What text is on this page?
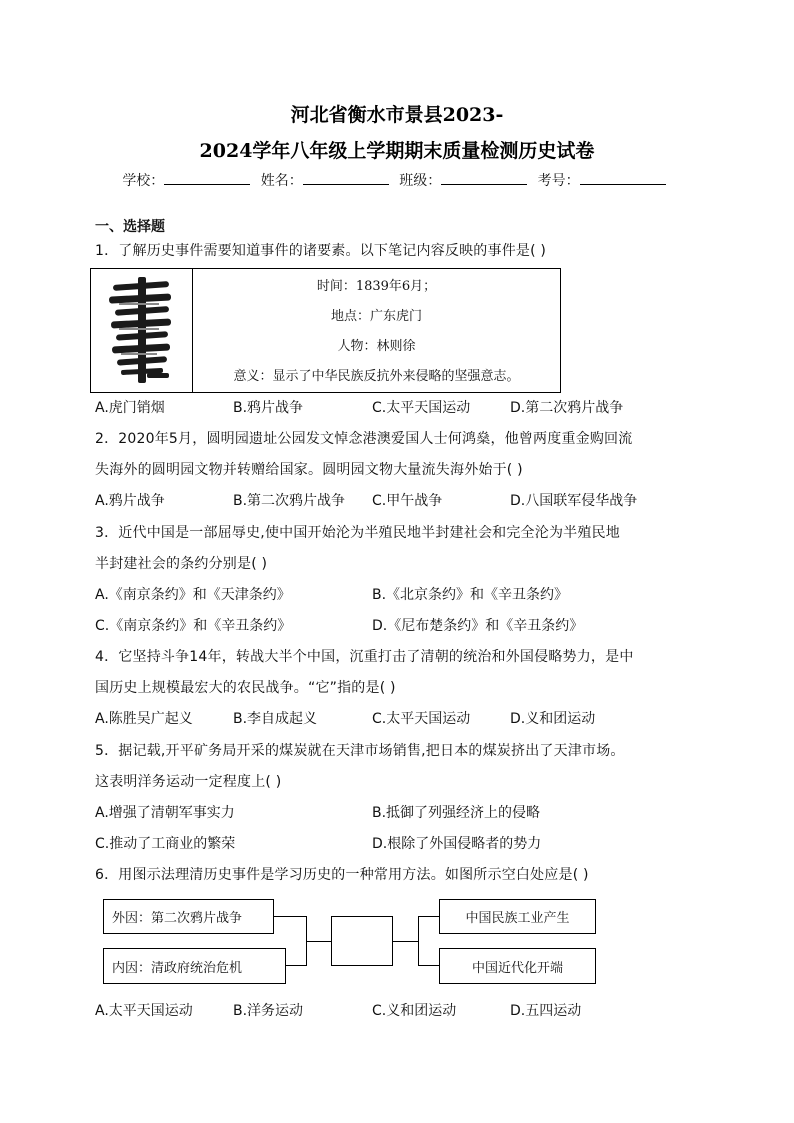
河北省衡水市景县2023-
2024学年八年级上学期期末质量检测历史试卷
学校：	姓名：	班级：	考号：
一、选择题
1．了解历史事件需要知道事件的诸要素。以下笔记内容反映的事件是( )
时间：1839年6月；
地点：广东虎门
人物：林则徐
意义：显示了中华民族反抗外来侵略的坚强意志。
A.虎门销烟	B.鸦片战争	C.太平天国运动	D.第二次鸦片战争
2．2020年5月，圆明园遗址公园发文悼念港澳爱国人士何鸿燊，他曾两度重金购回流
失海外的圆明园文物并转赠给国家。圆明园文物大量流失海外始于( )
A.鸦片战争	B.第二次鸦片战争 C.甲午战争	D.八国联军侵华战争
3．近代中国是一部屈辱史,使中国开始沦为半殖民地半封建社会和完全沦为半殖民地
半封建社会的条约分别是( )
A.《南京条约》和《天津条约》	B.《北京条约》和《辛丑条约》
C.《南京条约》和《辛丑条约》	D.《尼布楚条约》和《辛丑条约》
4．它坚持斗争14年，转战大半个中国，沉重打击了清朝的统治和外国侵略势力，是中
国历史上规模最宏大的农民战争。“它”指的是( )
A.陈胜吴广起义	B.李自成起义	C.太平天国运动	D.义和团运动
5．据记载,开平矿务局开采的煤炭就在天津市场销售,把日本的煤炭挤出了天津市场。
这表明洋务运动一定程度上( )
A.增强了清朝军事实力	B.抵御了列强经济上的侵略
C.推动了工商业的繁荣	D.根除了外国侵略者的势力
6．用图示法理清历史事件是学习历史的一种常用方法。如图所示空白处应是( )
外因：第二次鸦片战争
内因：清政府统治危机
中国民族工业产生
中国近代化开端
A.太平天国运动	B.洋务运动	C.义和团运动	D.五四运动
